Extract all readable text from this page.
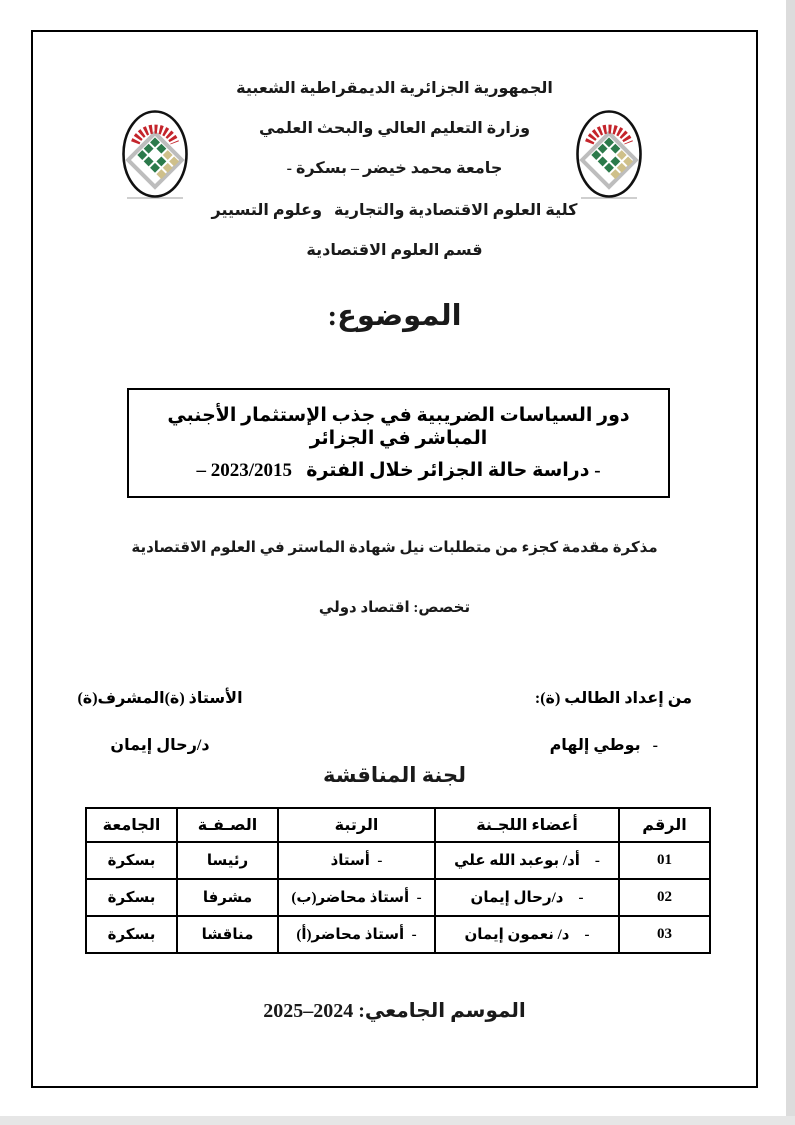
الجمهورية الجزائرية الديمقراطية الشعبية
وزارة التعليم العالي والبحث العلمي
جامعة محمد خيضر – بسكرة -
كلية العلوم الاقتصادية والتجارية   وعلوم التسيير
قسم العلوم الاقتصادية
الموضوع:
دور السياسات الضريبية في جذب الإستثمار الأجنبي المباشر في الجزائر
- دراسة حالة الجزائر خلال الفترة   2015‏/‏2023 –
مذكرة مقدمة كجزء من متطلبات نيل شهادة الماستر في العلوم الاقتصادية
تخصص: اقتصاد دولي
من إعداد الطالب (ة):
-   بوطي إلهام
الأستاذ (ة)المشرف(ة)
د/رحال إيمان
لجنة المناقشة
الرقم	أعضاء اللجـنة	الرتبة	الصـفـة	الجامعة
01	-    أد/ بوعبد الله علي	-  أستاذ	رئيسا	بسكرة
02	-    د/رحال إيمان	-  أستاذ محاضر(ب)	مشرفا	بسكرة
03	-    د/ نعمون إيمان	-  أستاذ محاضر(أ)	مناقشا	بسكرة
الموسم الجامعي: 2024‏–‏2025
